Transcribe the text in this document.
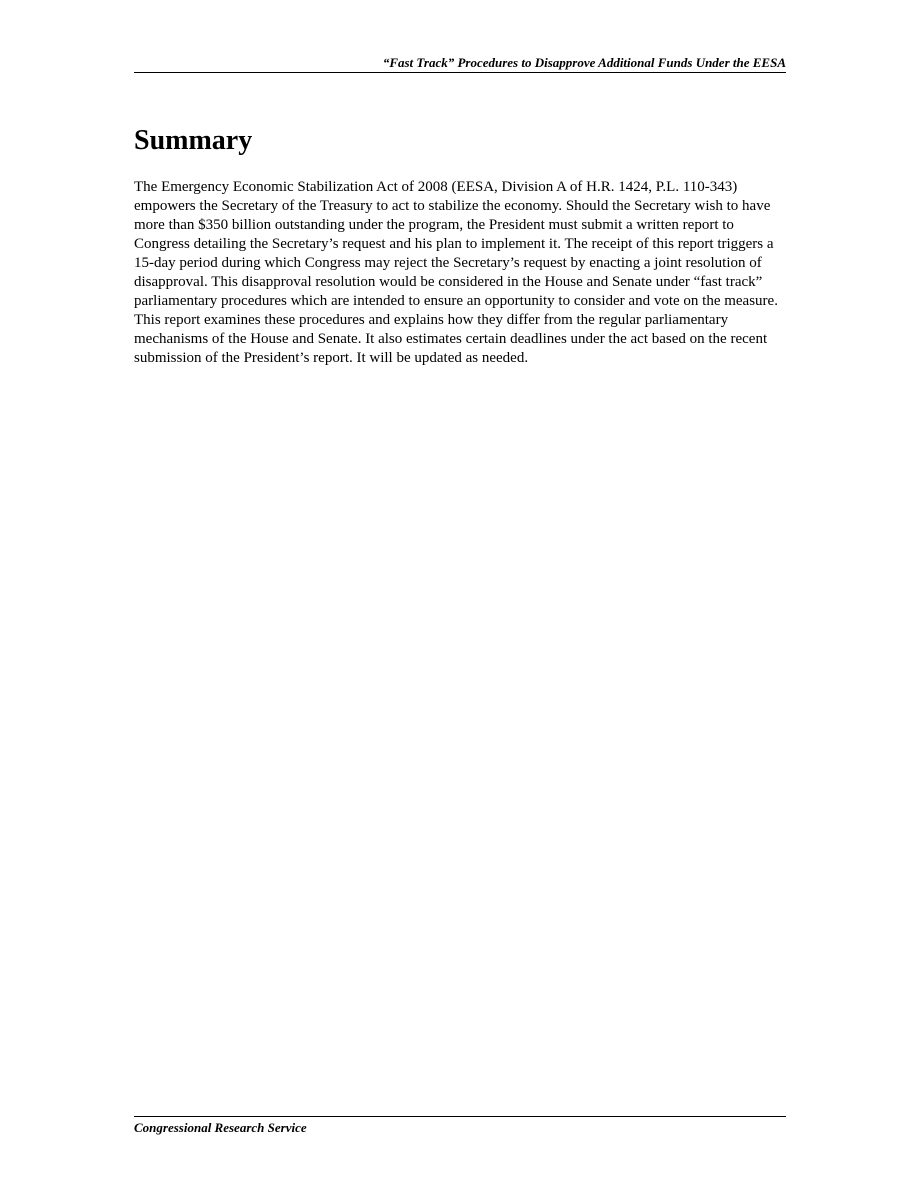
“Fast Track” Procedures to Disapprove Additional Funds Under the EESA
Summary

The Emergency Economic Stabilization Act of 2008 (EESA, Division A of H.R. 1424, P.L. 110-343) empowers the Secretary of the Treasury to act to stabilize the economy. Should the Secretary wish to have more than $350 billion outstanding under the program, the President must submit a written report to Congress detailing the Secretary’s request and his plan to implement it. The receipt of this report triggers a 15-day period during which Congress may reject the Secretary’s request by enacting a joint resolution of disapproval. This disapproval resolution would be considered in the House and Senate under “fast track” parliamentary procedures which are intended to ensure an opportunity to consider and vote on the measure. This report examines these procedures and explains how they differ from the regular parliamentary mechanisms of the House and Senate. It also estimates certain deadlines under the act based on the recent submission of the President’s report. It will be updated as needed.

Congressional Research Service
